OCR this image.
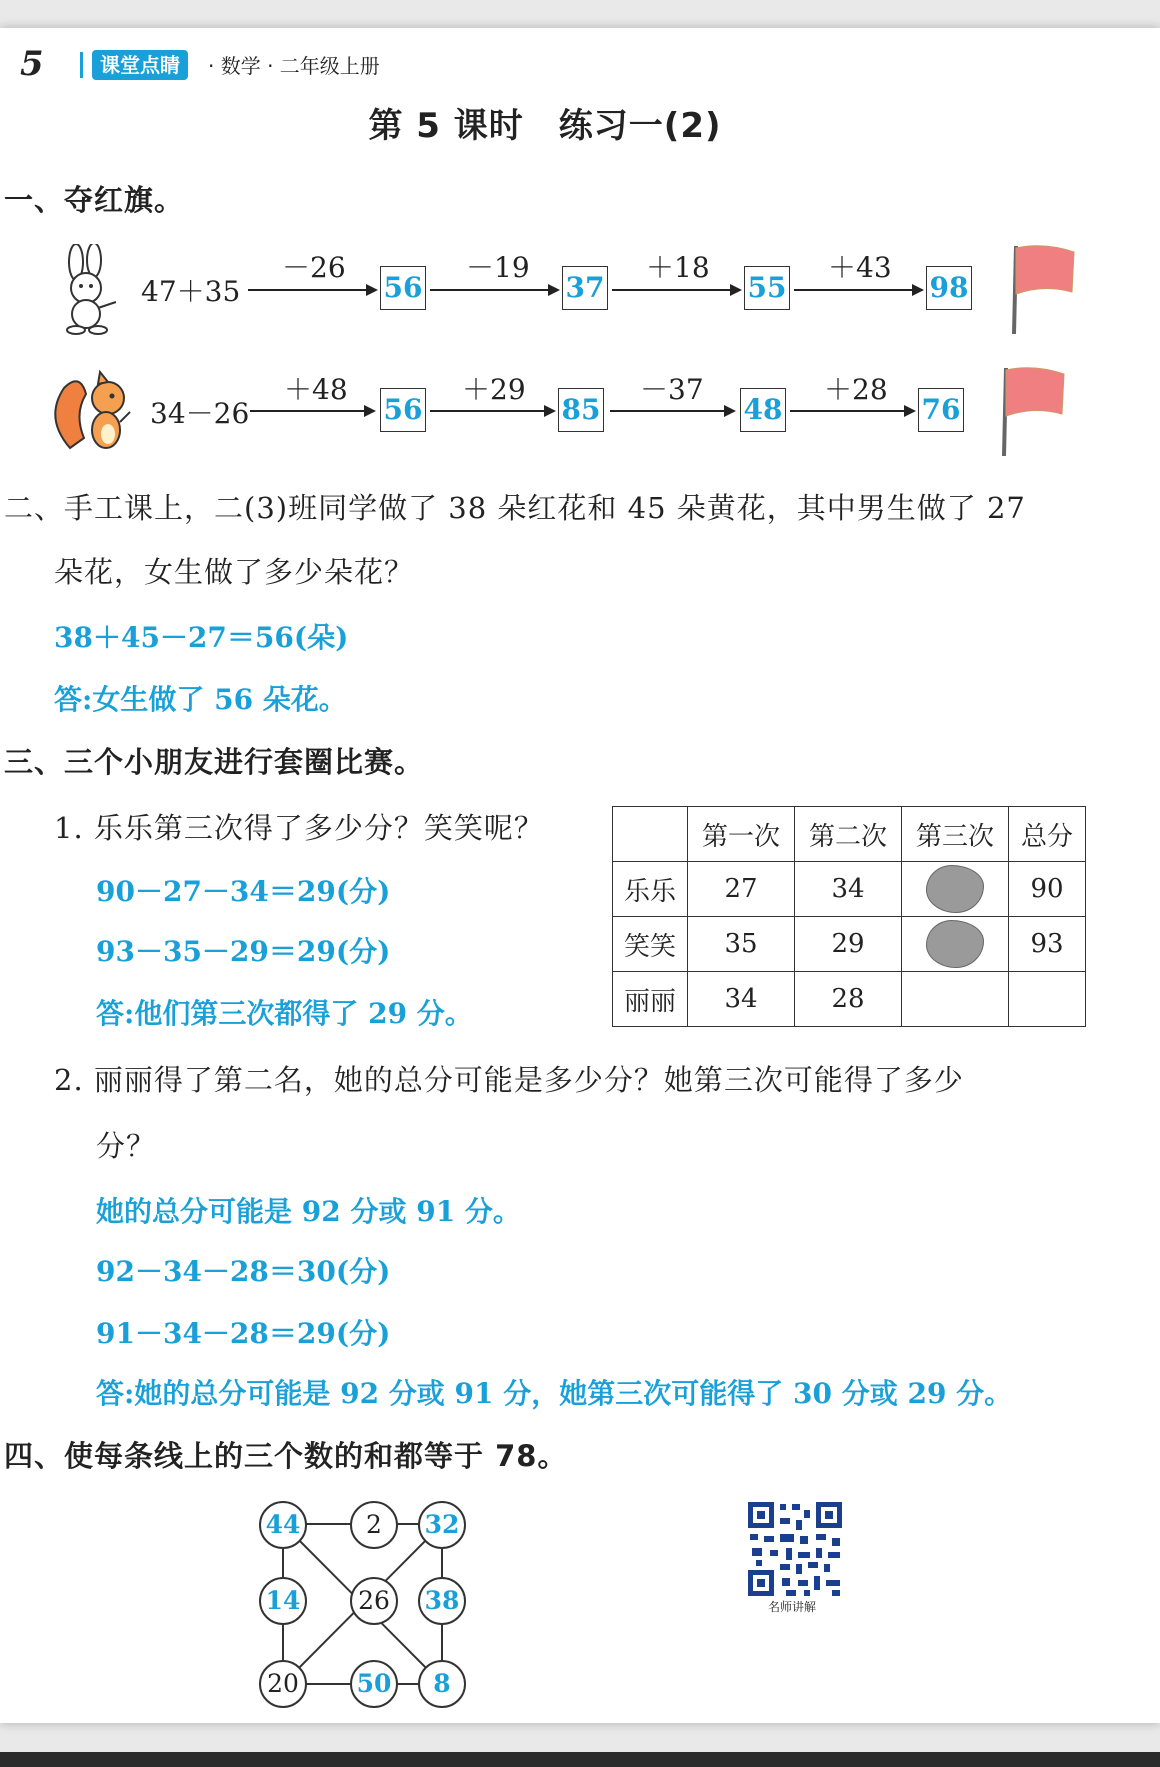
5	课堂点睛	· 数学 · 二年级上册
第 5 课时　练习一(2)
一、夺红旗。
47＋35
－26
56
－19
37
＋18
55
＋43
98
34－26
＋48
56
＋29
85
－37
48
＋28
76
二、手工课上，二(3)班同学做了 38 朵红花和 45 朵黄花，其中男生做了 27
朵花，女生做了多少朵花？
38＋45－27＝56(朵)
答:女生做了 56 朵花。
三、三个小朋友进行套圈比赛。
1. 乐乐第三次得了多少分？笑笑呢？
90－27－34＝29(分)
93－35－29＝29(分)
答:他们第三次都得了 29 分。
	第一次	第二次	第三次	总分
乐乐	27	34		90
笑笑	35	29		93
丽丽	34	28		
2. 丽丽得了第二名，她的总分可能是多少分？她第三次可能得了多少
分？
她的总分可能是 92 分或 91 分。
92－34－28＝30(分)
91－34－28＝29(分)
答:她的总分可能是 92 分或 91 分，她第三次可能得了 30 分或 29 分。
四、使每条线上的三个数的和都等于 78。
44	2	32
14	26	38
20	50	8
名师讲解
